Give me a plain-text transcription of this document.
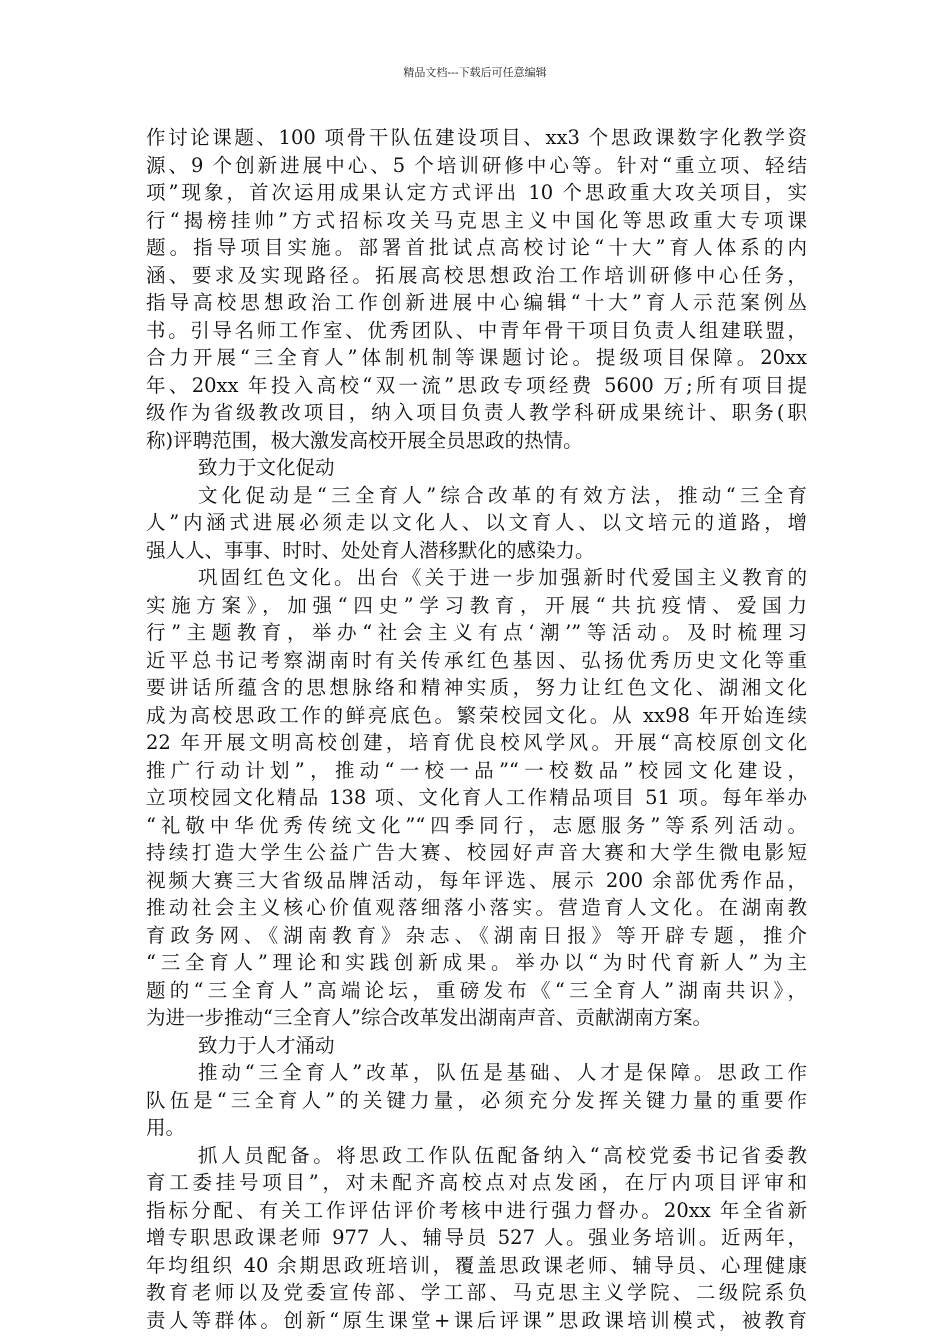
精品文档---下载后可任意编辑
作讨论课题、100 项骨干队伍建设项目、xx3 个思政课数字化教学资
源、9 个创新进展中心、5 个培训研修中心等。针对“重立项、轻结
项”现象，首次运用成果认定方式评出 10 个思政重大攻关项目，实
行“揭榜挂帅”方式招标攻关马克思主义中国化等思政重大专项课
题。指导项目实施。部署首批试点高校讨论“十大”育人体系的内
涵、要求及实现路径。拓展高校思想政治工作培训研修中心任务，
指导高校思想政治工作创新进展中心编辑“十大”育人示范案例丛
书。引导名师工作室、优秀团队、中青年骨干项目负责人组建联盟，
合力开展“三全育人”体制机制等课题讨论。提级项目保障。20xx
年、20xx 年投入高校“双一流”思政专项经费 5600 万;所有项目提
级作为省级教改项目，纳入项目负责人教学科研成果统计、职务(职
称)评聘范围，极大激发高校开展全员思政的热情。
致力于文化促动
文化促动是“三全育人”综合改革的有效方法，推动“三全育
人”内涵式进展必须走以文化人、以文育人、以文培元的道路，增
强人人、事事、时时、处处育人潜移默化的感染力。
巩固红色文化。出台《关于进一步加强新时代爱国主义教育的
实施方案》，加强“四史”学习教育，开展“共抗疫情、爱国力
行”主题教育，举办“社会主义有点‘潮’”等活动。及时梳理习
近平总书记考察湖南时有关传承红色基因、弘扬优秀历史文化等重
要讲话所蕴含的思想脉络和精神实质，努力让红色文化、湖湘文化
成为高校思政工作的鲜亮底色。繁荣校园文化。从 xx98 年开始连续
22 年开展文明高校创建，培育优良校风学风。开展“高校原创文化
推广行动计划”，推动“一校一品”“一校数品”校园文化建设，
立项校园文化精品 138 项、文化育人工作精品项目 51 项。每年举办
“礼敬中华优秀传统文化”“四季同行，志愿服务”等系列活动。
持续打造大学生公益广告大赛、校园好声音大赛和大学生微电影短
视频大赛三大省级品牌活动，每年评选、展示 200 余部优秀作品，
推动社会主义核心价值观落细落小落实。营造育人文化。在湖南教
育政务网、《湖南教育》杂志、《湖南日报》等开辟专题，推介
“三全育人”理论和实践创新成果。举办以“为时代育新人”为主
题的“三全育人”高端论坛，重磅发布《“三全育人”湖南共识》，
为进一步推动“三全育人”综合改革发出湖南声音、贡献湖南方案。
致力于人才涌动
推动“三全育人”改革，队伍是基础、人才是保障。思政工作
队伍是“三全育人”的关键力量，必须充分发挥关键力量的重要作
用。
抓人员配备。将思政工作队伍配备纳入“高校党委书记省委教
育工委挂号项目”，对未配齐高校点对点发函，在厅内项目评审和
指标分配、有关工作评估评价考核中进行强力督办。20xx 年全省新
增专职思政课老师 977 人、辅导员 527 人。强业务培训。近两年，
年均组织 40 余期思政班培训，覆盖思政课老师、辅导员、心理健康
教育老师以及党委宣传部、学工部、马克思主义学院、二级院系负
责人等群体。创新“原生课堂+课后评课”思政课培训模式，被教育
